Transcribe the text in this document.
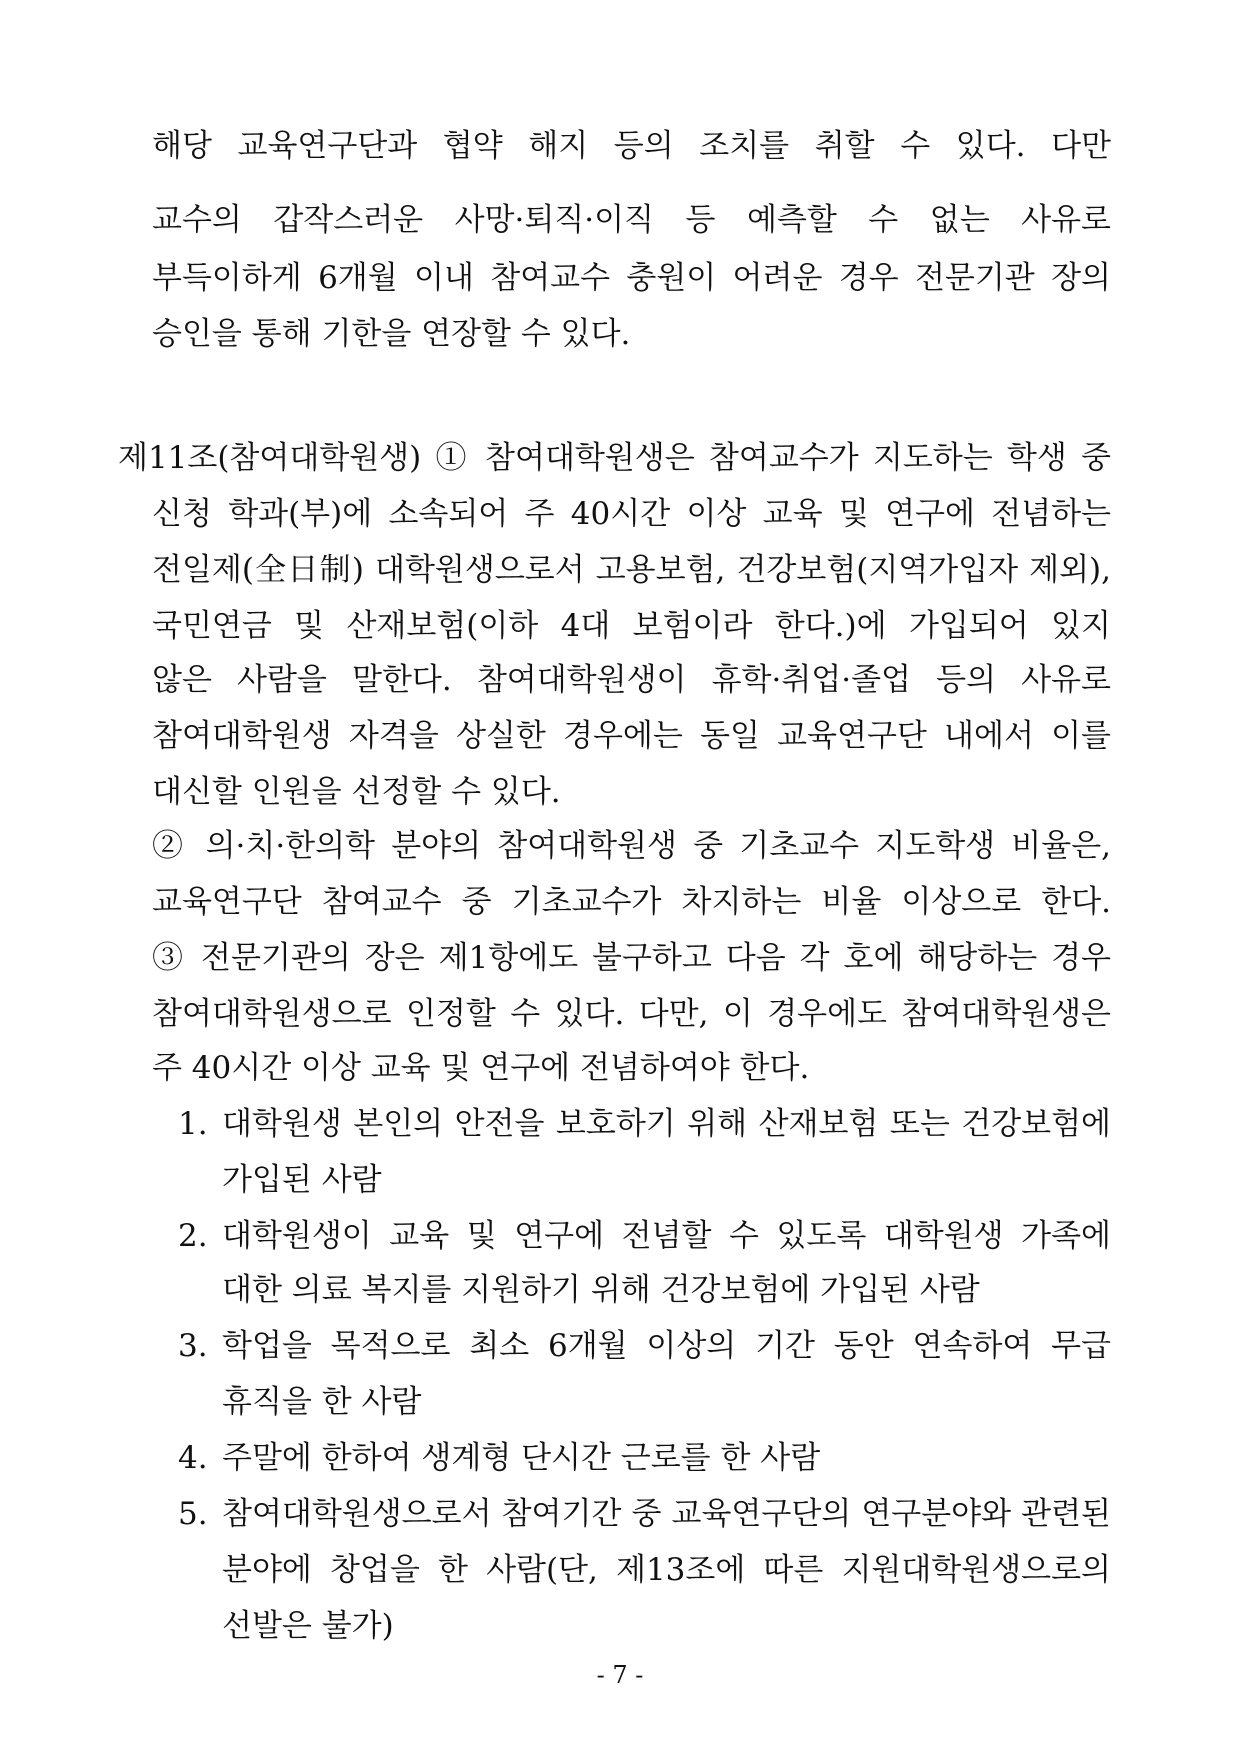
해당 교육연구단과 협약 해지 등의 조치를 취할 수 있다. 다만
교수의 갑작스러운 사망·퇴직·이직 등 예측할 수 없는 사유로
부득이하게 6개월 이내 참여교수 충원이 어려운 경우 전문기관 장의
승인을 통해 기한을 연장할 수 있다.
제11조(참여대학원생) ① 참여대학원생은 참여교수가 지도하는 학생 중
신청 학과(부)에 소속되어 주 40시간 이상 교육 및 연구에 전념하는
전일제(全日制) 대학원생으로서 고용보험, 건강보험(지역가입자 제외),
국민연금 및 산재보험(이하 4대 보험이라 한다.)에 가입되어 있지
않은 사람을 말한다. 참여대학원생이 휴학·취업·졸업 등의 사유로
참여대학원생 자격을 상실한 경우에는 동일 교육연구단 내에서 이를
대신할 인원을 선정할 수 있다.
② 의·치·한의학 분야의 참여대학원생 중 기초교수 지도학생 비율은,
교육연구단 참여교수 중 기초교수가 차지하는 비율 이상으로 한다.
③ 전문기관의 장은 제1항에도 불구하고 다음 각 호에 해당하는 경우
참여대학원생으로 인정할 수 있다. 다만, 이 경우에도 참여대학원생은
주 40시간 이상 교육 및 연구에 전념하여야 한다.
1. 대학원생 본인의 안전을 보호하기 위해 산재보험 또는 건강보험에
가입된 사람
2. 대학원생이 교육 및 연구에 전념할 수 있도록 대학원생 가족에
대한 의료 복지를 지원하기 위해 건강보험에 가입된 사람
3. 학업을 목적으로 최소 6개월 이상의 기간 동안 연속하여 무급
휴직을 한 사람
4. 주말에 한하여 생계형 단시간 근로를 한 사람
5. 참여대학원생으로서 참여기간 중 교육연구단의 연구분야와 관련된
분야에 창업을 한 사람(단, 제13조에 따른 지원대학원생으로의
선발은 불가)
- 7 -
